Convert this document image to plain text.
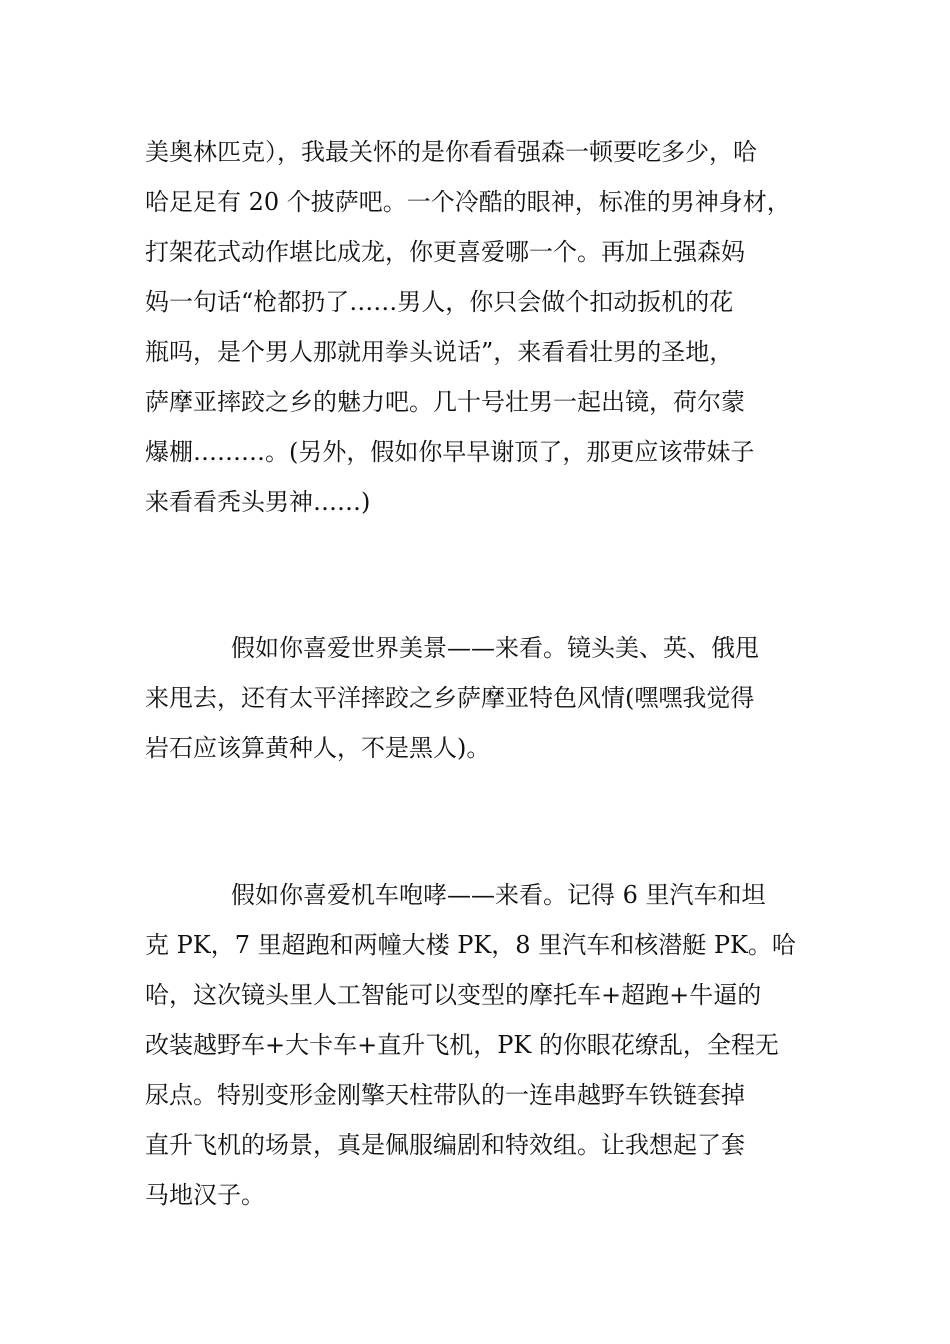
美奥林匹克），我最关怀的是你看看强森一顿要吃多少，哈
哈足足有 20 个披萨吧。一个冷酷的眼神，标准的男神身材，
打架花式动作堪比成龙，你更喜爱哪一个。再加上强森妈
妈一句话“枪都扔了……男人，你只会做个扣动扳机的花
瓶吗，是个男人那就用拳头说话”，来看看壮男的圣地，
萨摩亚摔跤之乡的魅力吧。几十号壮男一起出镜，荷尔蒙
爆棚………。(另外，假如你早早谢顶了，那更应该带妹子
来看看秃头男神……)
假如你喜爱世界美景——来看。镜头美、英、俄甩
来甩去，还有太平洋摔跤之乡萨摩亚特色风情(嘿嘿我觉得
岩石应该算黄种人，不是黑人)。
假如你喜爱机车咆哮——来看。记得 6 里汽车和坦
克 PK，7 里超跑和两幢大楼 PK，8 里汽车和核潜艇 PK。哈
哈，这次镜头里人工智能可以变型的摩托车+超跑+牛逼的
改装越野车+大卡车+直升飞机，PK 的你眼花缭乱，全程无
尿点。特别变形金刚擎天柱带队的一连串越野车铁链套掉
直升飞机的场景，真是佩服编剧和特效组。让我想起了套
马地汉子。
